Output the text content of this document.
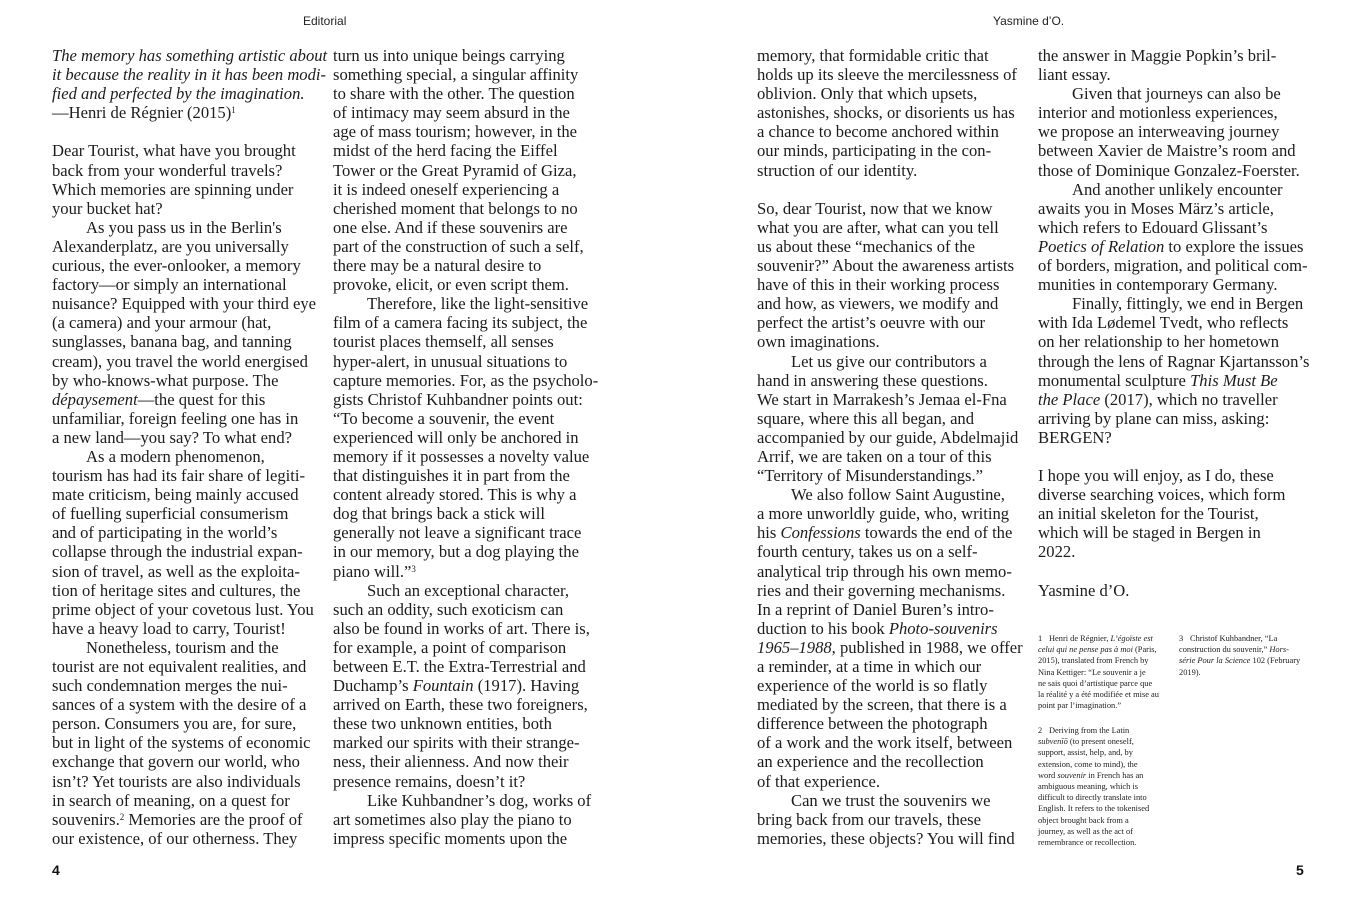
Editorial	Yasmine d’O.

The memory has something artistic about
it because the reality in it has been modi-
fied and perfected by the imagination.

—Henri de Régnier $(2015)^1$

Dear Tourist, what have you brought
back from your wonderful travels?
Which memories are spinning under
your bucket hat?

As you pass us in the Berlin's
Alexanderplatz, are you universally
curious, the ever-onlooker, a memory
factory—or simply an international
nuisance? Equipped with your third eye
(a camera) and your armour (hat,
sunglasses, banana bag, and tanning
cream), you travel the world energised
by who-knows-what purpose. The
dépaysement—the quest for this
unfamiliar, foreign feeling one has in
a new land—you say? To what end?

As a modern phenomenon,
tourism has had its fair share of legiti-
mate criticism, being mainly accused
of fuelling superficial consumerism
and of participating in the world’s
collapse through the industrial expan-
sion of travel, as well as the exploita-
tion of heritage sites and cultures, the
prime object of your covetous lust. You
have a heavy load to carry, Tourist!

Nonetheless, tourism and the
tourist are not equivalent realities, and
such condemnation merges the nui-
sances of a system with the desire of a
person. Consumers you are, for sure,
but in light of the systems of economic
exchange that govern our world, who
isn’t? Yet tourists are also individuals
in search of meaning, on a quest for
souvenirs.$^2$ Memories are the proof of
our existence, of our otherness. They

turn us into unique beings carrying
something special, a singular affinity
to share with the other. The question
of intimacy may seem absurd in the
age of mass tourism; however, in the
midst of the herd facing the Eiffel
Tower or the Great Pyramid of Giza,
it is indeed oneself experiencing a
cherished moment that belongs to no
one else. And if these souvenirs are
part of the construction of such a self,
there may be a natural desire to
provoke, elicit, or even script them.

Therefore, like the light-sensitive
film of a camera facing its subject, the
tourist places themself, all senses
hyper-alert, in unusual situations to
capture memories. For, as the psycholo-
gists Christof Kuhbandner points out:
“To become a souvenir, the event
experienced will only be anchored in
memory if it possesses a novelty value
that distinguishes it in part from the
content already stored. This is why a
dog that brings back a stick will
generally not leave a significant trace
in our memory, but a dog playing the
piano will.”$^3$

Such an exceptional character,
such an oddity, such exoticism can
also be found in works of art. There is,
for example, a point of comparison
between E.T. the Extra-Terrestrial and
Duchamp’s Fountain (1917). Having
arrived on Earth, these two foreigners,
these two unknown entities, both
marked our spirits with their strange-
ness, their alienness. And now their
presence remains, doesn’t it?

Like Kuhbandner’s dog, works of
art sometimes also play the piano to
impress specific moments upon the

memory, that formidable critic that
holds up its sleeve the mercilessness of
oblivion. Only that which upsets,
astonishes, shocks, or disorients us has
a chance to become anchored within
our minds, participating in the con-
struction of our identity.

So, dear Tourist, now that we know
what you are after, what can you tell
us about these “mechanics of the
souvenir?” About the awareness artists
have of this in their working process
and how, as viewers, we modify and
perfect the artist’s oeuvre with our
own imaginations.

Let us give our contributors a
hand in answering these questions.
We start in Marrakesh’s Jemaa el-Fna
square, where this all began, and
accompanied by our guide, Abdelmajid
Arrif, we are taken on a tour of this
“Territory of Misunderstandings.”

We also follow Saint Augustine,
a more unworldly guide, who, writing
his Confessions towards the end of the
fourth century, takes us on a self-
analytical trip through his own memo-
ries and their governing mechanisms.
In a reprint of Daniel Buren’s intro-
duction to his book Photo-souvenirs
1965–1988, published in 1988, we offer
a reminder, at a time in which our
experience of the world is so flatly
mediated by the screen, that there is a
difference between the photograph
of a work and the work itself, between
an experience and the recollection
of that experience.

Can we trust the souvenirs we
bring back from our travels, these
memories, these objects? You will find

the answer in Maggie Popkin’s bril-
liant essay.

Given that journeys can also be
interior and motionless experiences,
we propose an interweaving journey
between Xavier de Maistre’s room and
those of Dominique Gonzalez-Foerster.

And another unlikely encounter
awaits you in Moses März’s article,
which refers to Edouard Glissant’s
Poetics of Relation to explore the issues
of borders, migration, and political com-
munities in contemporary Germany.

Finally, fittingly, we end in Bergen
with Ida Lødemel Tvedt, who reflects
on her relationship to her hometown
through the lens of Ragnar Kjartansson’s
monumental sculpture This Must Be
the Place (2017), which no traveller
arriving by plane can miss, asking:
BERGEN?

I hope you will enjoy, as I do, these
diverse searching voices, which form
an initial skeleton for the Tourist,
which will be staged in Bergen in
2022.

Yasmine d’O.

1 Henri de Régnier, L’égoïste est
celui qui ne pense pas à moi (Paris,
2015), translated from French by
Nina Kettiger: “Le souvenir a je
ne sais quoi d’artistique parce que
la réalité y a été modifiée et mise au
point par l’imagination.”

2 Deriving from the Latin
subvenīō (to present oneself,
support, assist, help, and, by
extension, come to mind), the
word souvenir in French has an
ambiguous meaning, which is
difficult to directly translate into
English. It refers to the tokenised
object brought back from a
journey, as well as the act of
remembrance or recollection.

3 Christof Kuhbandner, “La
construction du souvenir,” Hors-
série Pour la Science 102 (February
2019).

4	5
